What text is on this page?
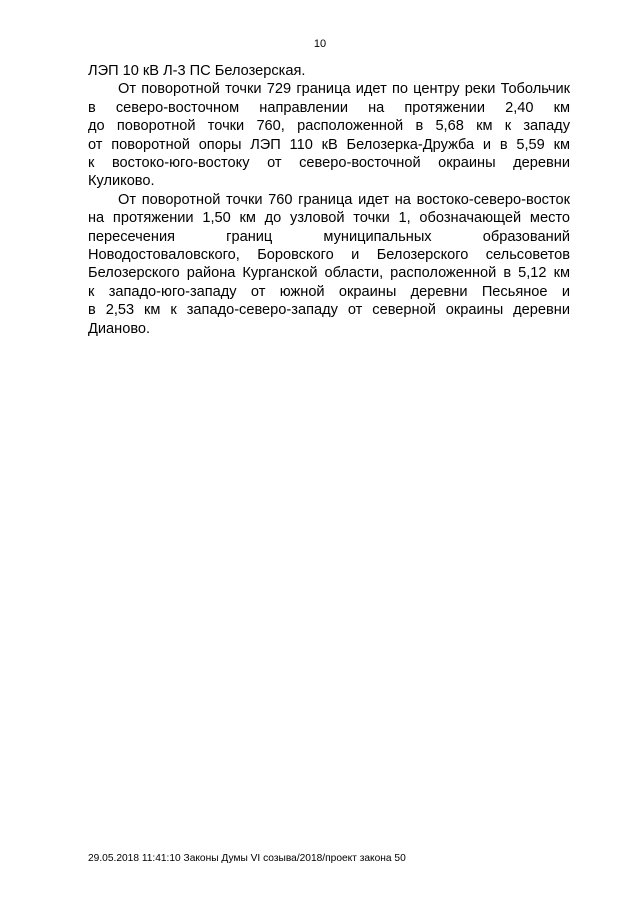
10
ЛЭП 10 кВ Л-3 ПС Белозерская.
От поворотной точки 729 граница идет по центру реки Тобольчик
в северо-восточном направлении на протяжении 2,40 км
до поворотной точки 760, расположенной в 5,68 км к западу
от поворотной опоры ЛЭП 110 кВ Белозерка-Дружба и в 5,59 км
к востоко-юго-востоку от северо-восточной окраины деревни
Куликово.
От поворотной точки 760 граница идет на востоко-северо-восток
на протяжении 1,50 км до узловой точки 1, обозначающей место
пересечения границ муниципальных образований
Новодостоваловского, Боровского и Белозерского сельсоветов
Белозерского района Курганской области, расположенной в 5,12 км
к западо-юго-западу от южной окраины деревни Песьяное и
в 2,53 км к западо-северо-западу от северной окраины деревни
Дианово.
29.05.2018 11:41:10 Законы Думы VI созыва/2018/проект закона 50
